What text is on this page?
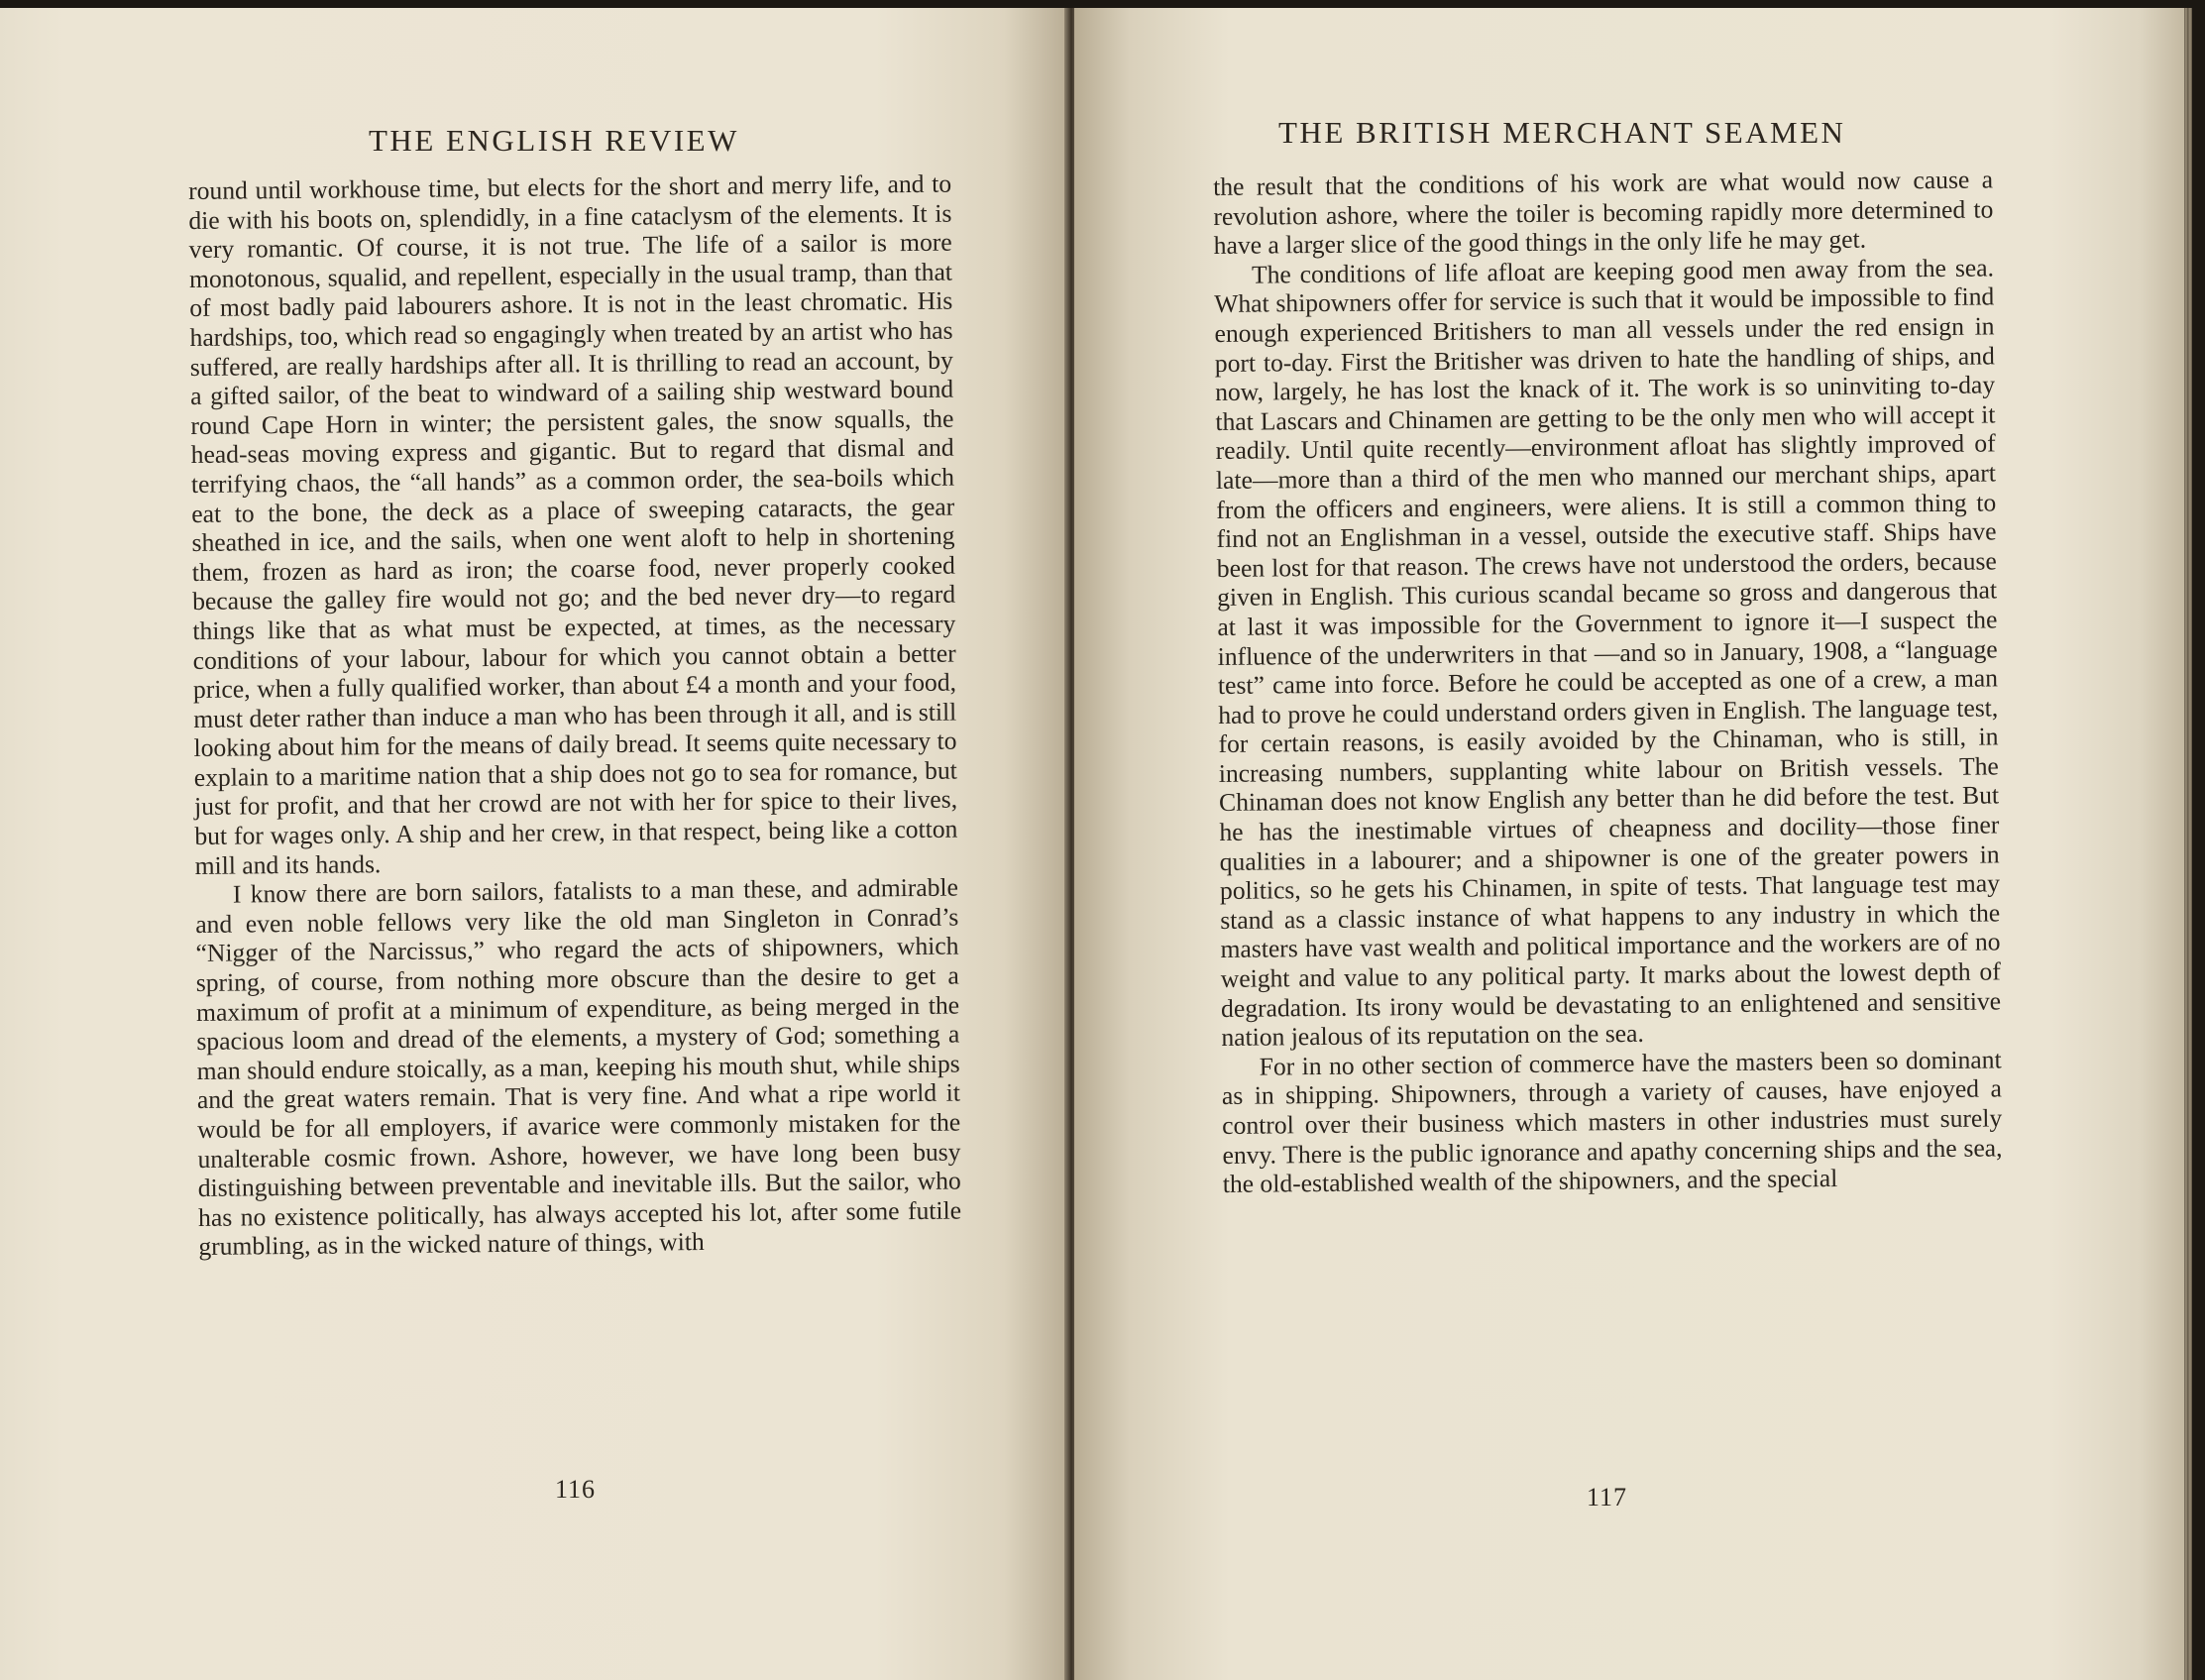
THE ENGLISH REVIEW

round until workhouse time, but elects for the short and merry life, and to die with his boots on, splendidly, in a fine cataclysm of the elements. It is very romantic. Of course, it is not true. The life of a sailor is more monotonous, squalid, and repellent, especially in the usual tramp, than that of most badly paid labourers ashore. It is not in the least chromatic. His hardships, too, which read so engagingly when treated by an artist who has suffered, are really hardships after all. It is thrilling to read an account, by a gifted sailor, of the beat to windward of a sailing ship westward bound round Cape Horn in winter; the persistent gales, the snow squalls, the head-seas moving express and gigantic. But to regard that dismal and terrifying chaos, the “all hands” as a common order, the sea-boils which eat to the bone, the deck as a place of sweeping cataracts, the gear sheathed in ice, and the sails, when one went aloft to help in shortening them, frozen as hard as iron; the coarse food, never properly cooked because the galley fire would not go; and the bed never dry—to regard things like that as what must be expected, at times, as the necessary conditions of your labour, labour for which you cannot obtain a better price, when a fully qualified worker, than about £4 a month and your food, must deter rather than induce a man who has been through it all, and is still looking about him for the means of daily bread. It seems quite necessary to explain to a maritime nation that a ship does not go to sea for romance, but just for profit, and that her crowd are not with her for spice to their lives, but for wages only. A ship and her crew, in that respect, being like a cotton mill and its hands.

I know there are born sailors, fatalists to a man these, and admirable and even noble fellows very like the old man Singleton in Conrad’s “Nigger of the Narcissus,” who regard the acts of shipowners, which spring, of course, from nothing more obscure than the desire to get a maximum of profit at a minimum of expenditure, as being merged in the spacious loom and dread of the elements, a mystery of God; something a man should endure stoically, as a man, keeping his mouth shut, while ships and the great waters remain. That is very fine. And what a ripe world it would be for all employers, if avarice were commonly mistaken for the unalterable cosmic frown. Ashore, however, we have long been busy distinguishing between preventable and inevitable ills. But the sailor, who has no existence politically, has always accepted his lot, after some futile grumbling, as in the wicked nature of things, with

116
THE BRITISH MERCHANT SEAMEN

the result that the conditions of his work are what would now cause a revolution ashore, where the toiler is becoming rapidly more determined to have a larger slice of the good things in the only life he may get.

The conditions of life afloat are keeping good men away from the sea. What shipowners offer for service is such that it would be impossible to find enough experienced Britishers to man all vessels under the red ensign in port to-day. First the Britisher was driven to hate the handling of ships, and now, largely, he has lost the knack of it. The work is so uninviting to-day that Lascars and Chinamen are getting to be the only men who will accept it readily. Until quite recently—environment afloat has slightly improved of late—more than a third of the men who manned our merchant ships, apart from the officers and engineers, were aliens. It is still a common thing to find not an Englishman in a vessel, outside the executive staff. Ships have been lost for that reason. The crews have not understood the orders, because given in English. This curious scandal became so gross and dangerous that at last it was impossible for the Government to ignore it—I suspect the influence of the underwriters in that —and so in January, 1908, a “language test” came into force. Before he could be accepted as one of a crew, a man had to prove he could understand orders given in English. The language test, for certain reasons, is easily avoided by the Chinaman, who is still, in increasing numbers, supplanting white labour on British vessels. The Chinaman does not know English any better than he did before the test. But he has the inestimable virtues of cheapness and docility—those finer qualities in a labourer; and a shipowner is one of the greater powers in politics, so he gets his Chinamen, in spite of tests. That language test may stand as a classic instance of what happens to any industry in which the masters have vast wealth and political importance and the workers are of no weight and value to any political party. It marks about the lowest depth of degradation. Its irony would be devastating to an enlightened and sensitive nation jealous of its reputation on the sea.

For in no other section of commerce have the masters been so dominant as in shipping. Shipowners, through a variety of causes, have enjoyed a control over their business which masters in other industries must surely envy. There is the public ignorance and apathy concerning ships and the sea, the old-established wealth of the shipowners, and the special

117
